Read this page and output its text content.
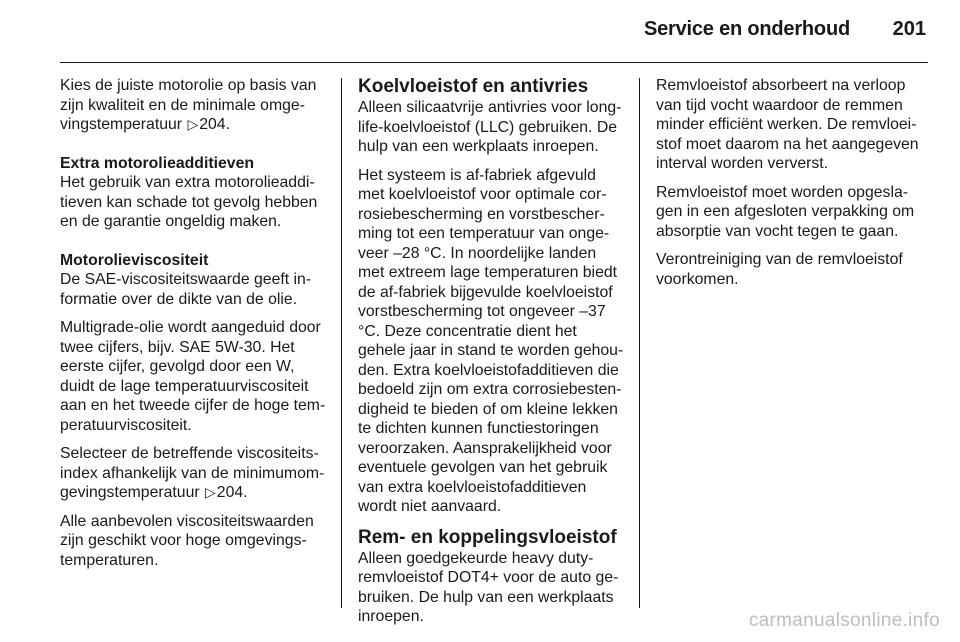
Service en onderhoud	201

Kies de juiste motorolie op basis van zijn kwaliteit en de minimale omge-vingstemperatuur ▷204.

Extra motorolieadditieven

Het gebruik van extra motorolieaddi-tieven kan schade tot gevolg hebben en de garantie ongeldig maken.

Motorolieviscositeit

De SAE-viscositeitswaarde geeft in-formatie over de dikte van de olie.

Multigrade-olie wordt aangeduid door twee cijfers, bijv. SAE 5W-30. Het eerste cijfer, gevolgd door een W, duidt de lage temperatuurviscositeit aan en het tweede cijfer de hoge tem-peratuurviscositeit.

Selecteer de betreffende viscositeits-index afhankelijk van de minimumom-gevingstemperatuur ▷204.

Alle aanbevolen viscositeitswaarden zijn geschikt voor hoge omgevings-temperaturen.

Koelvloeistof en antivries

Alleen silicaatvrije antivries voor long-life-koelvloeistof (LLC) gebruiken. De hulp van een werkplaats inroepen.

Het systeem is af-fabriek afgevuld met koelvloeistof voor optimale cor-rosiebescherming en vorstbescher-ming tot een temperatuur van onge-veer –28 °C. In noordelijke landen met extreem lage temperaturen biedt de af-fabriek bijgevulde koelvloeistof vorstbescherming tot ongeveer –37 °C. Deze concentratie dient het gehele jaar in stand te worden gehou-den. Extra koelvloeistofadditieven die bedoeld zijn om extra corrosiebesten-digheid te bieden of om kleine lekken te dichten kunnen functiestoringen veroorzaken. Aansprakelijkheid voor eventuele gevolgen van het gebruik van extra koelvloeistofadditieven wordt niet aanvaard.

Rem- en koppelingsvloeistof

Alleen goedgekeurde heavy duty-remvloeistof DOT4+ voor de auto ge-bruiken. De hulp van een werkplaats inroepen.

Remvloeistof absorbeert na verloop van tijd vocht waardoor de remmen minder efficiënt werken. De remvloei-stof moet daarom na het aangegeven interval worden ververst.

Remvloeistof moet worden opgesla-gen in een afgesloten verpakking om absorptie van vocht tegen te gaan.

Verontreiniging van de remvloeistof voorkomen.

carmanualsonline.info
